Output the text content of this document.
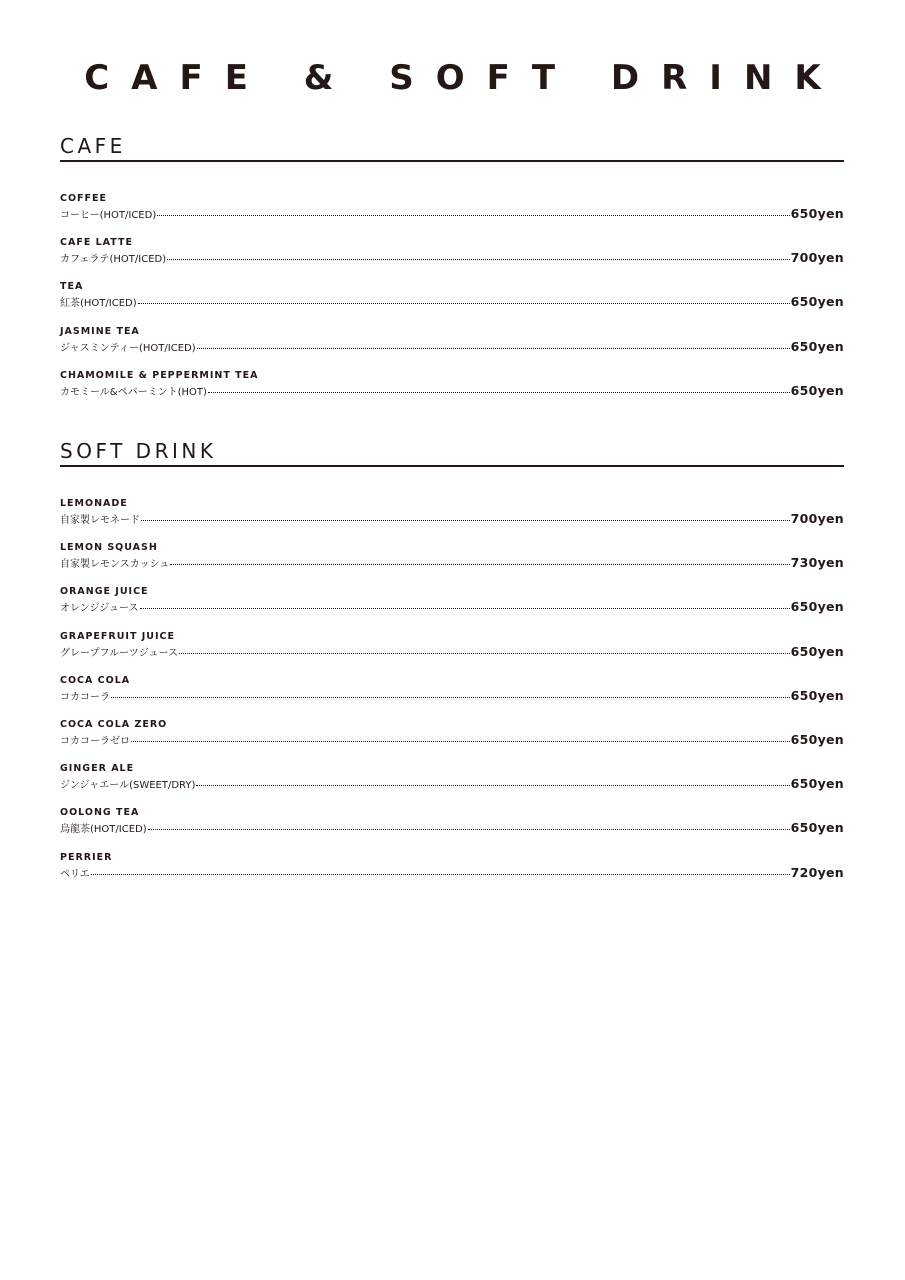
CAFE & SOFT DRINK
CAFE
COFFEE
コーヒー(HOT/ICED)	650yen
CAFE LATTE
カフェラテ(HOT/ICED)	700yen
TEA
紅茶(HOT/ICED)	650yen
JASMINE TEA
ジャスミンティー(HOT/ICED)	650yen
CHAMOMILE & PEPPERMINT TEA
カモミール&ペパーミント(HOT)	650yen
SOFT DRINK
LEMONADE
自家製レモネード	700yen
LEMON SQUASH
自家製レモンスカッシュ	730yen
ORANGE JUICE
オレンジジュース	650yen
GRAPEFRUIT JUICE
グレープフルーツジュース	650yen
COCA COLA
コカコーラ	650yen
COCA COLA ZERO
コカコーラゼロ	650yen
GINGER ALE
ジンジャエール(SWEET/DRY)	650yen
OOLONG TEA
烏龍茶(HOT/ICED)	650yen
PERRIER
ペリエ	720yen
